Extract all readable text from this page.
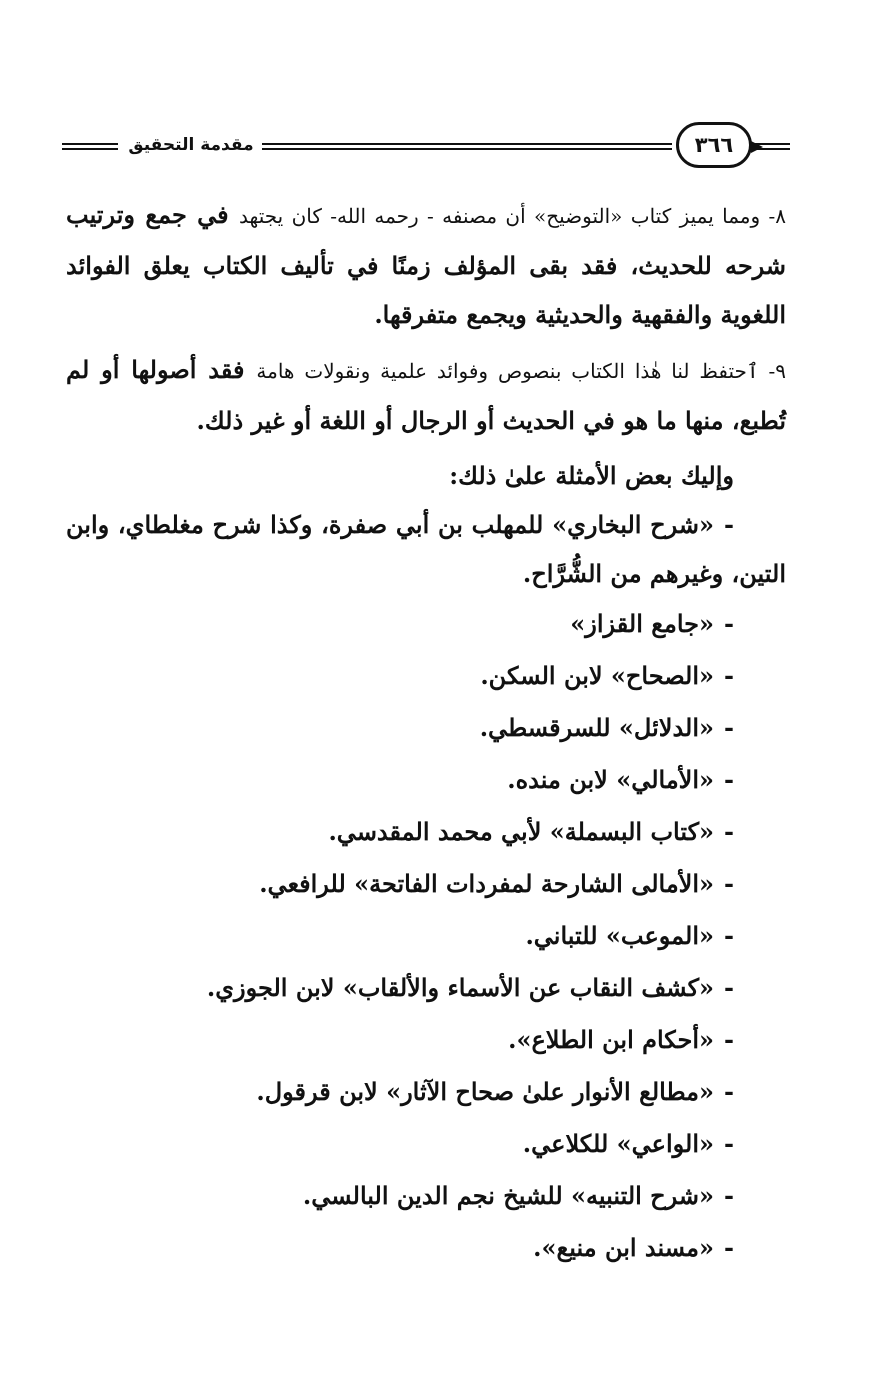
مقدمة التحقيق	٣٦٦

٨- ومما يميز كتاب «التوضيح» أن مصنفه - رحمه الله- كان يجتهد في جمع وترتيب شرحه للحديث، فقد بقى المؤلف زمنًا في تأليف الكتاب يعلق الفوائد اللغوية والفقهية والحديثية ويجمع متفرقها.

٩- ٱحتفظ لنا هٰذا الكتاب بنصوص وفوائد علمية ونقولات هامة فقد أصولها أو لم تُطبع، منها ما هو في الحديث أو الرجال أو اللغة أو غير ذلك.

وإليك بعض الأمثلة علىٰ ذلك:

-«شرح البخاري» للمهلب بن أبي صفرة، وكذا شرح مغلطاي، وابن التين، وغيرهم من الشُّرَّاح.
-«جامع القزاز»
-«الصحاح» لابن السكن.
-«الدلائل» للسرقسطي.
-«الأمالي» لابن منده.
-«كتاب البسملة» لأبي محمد المقدسي.
-«الأمالى الشارحة لمفردات الفاتحة» للرافعي.
-«الموعب» للتباني.
-«كشف النقاب عن الأسماء والألقاب» لابن الجوزي.
-«أحكام ابن الطلاع».
-«مطالع الأنوار علىٰ صحاح الآثار» لابن قرقول.
-«الواعي» للكلاعي.
-«شرح التنبيه» للشيخ نجم الدين البالسي.
-«مسند ابن منيع».
